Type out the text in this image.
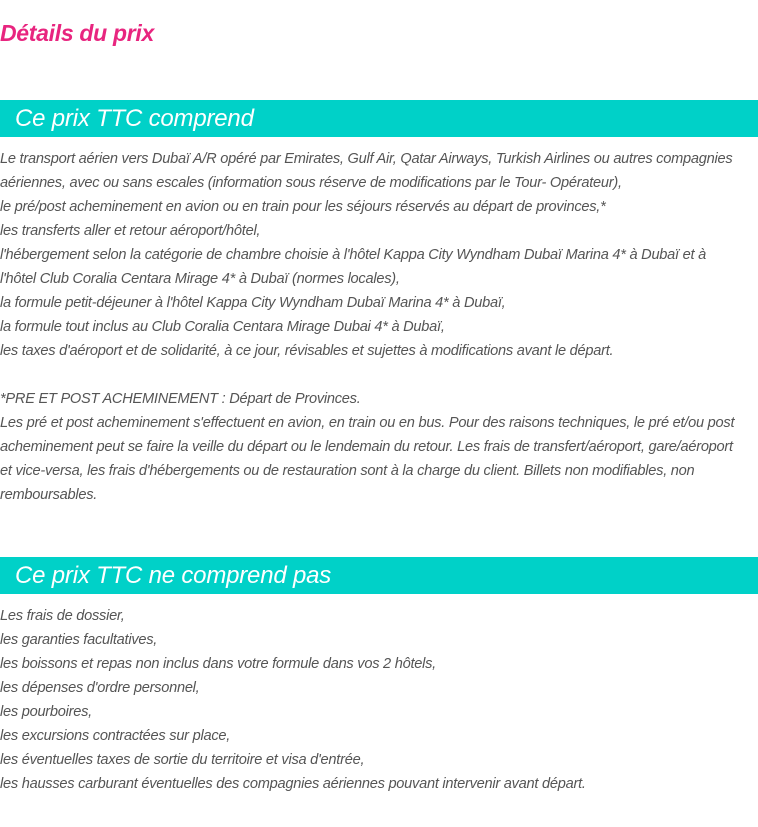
Détails du prix
Ce prix TTC comprend
Le transport aérien vers Dubaï A/R opéré par Emirates, Gulf Air, Qatar Airways, Turkish Airlines ou autres compagnies
aériennes, avec ou sans escales (information sous réserve de modifications par le Tour- Opérateur),
le pré/post acheminement en avion ou en train pour les séjours réservés au départ de provinces,*
les transferts aller et retour aéroport/hôtel,
l'hébergement selon la catégorie de chambre choisie à l'hôtel Kappa City Wyndham Dubaï Marina 4* à Dubaï et à
l'hôtel Club Coralia Centara Mirage 4* à Dubaï (normes locales),
la formule petit-déjeuner à l'hôtel Kappa City Wyndham Dubaï Marina 4* à Dubaï,
la formule tout inclus au Club Coralia Centara Mirage Dubai 4* à Dubaï,
les taxes d'aéroport et de solidarité, à ce jour, révisables et sujettes à modifications avant le départ.
*PRE ET POST ACHEMINEMENT : Départ de Provinces.
Les pré et post acheminement s'effectuent en avion, en train ou en bus. Pour des raisons techniques, le pré et/ou post
acheminement peut se faire la veille du départ ou le lendemain du retour. Les frais de transfert/aéroport, gare/aéroport
et vice-versa, les frais d'hébergements ou de restauration sont à la charge du client. Billets non modifiables, non
remboursables.
Ce prix TTC ne comprend pas
Les frais de dossier,
les garanties facultatives,
les boissons et repas non inclus dans votre formule dans vos 2 hôtels,
les dépenses d'ordre personnel,
les pourboires,
les excursions contractées sur place,
les éventuelles taxes de sortie du territoire et visa d'entrée,
les hausses carburant éventuelles des compagnies aériennes pouvant intervenir avant départ.
